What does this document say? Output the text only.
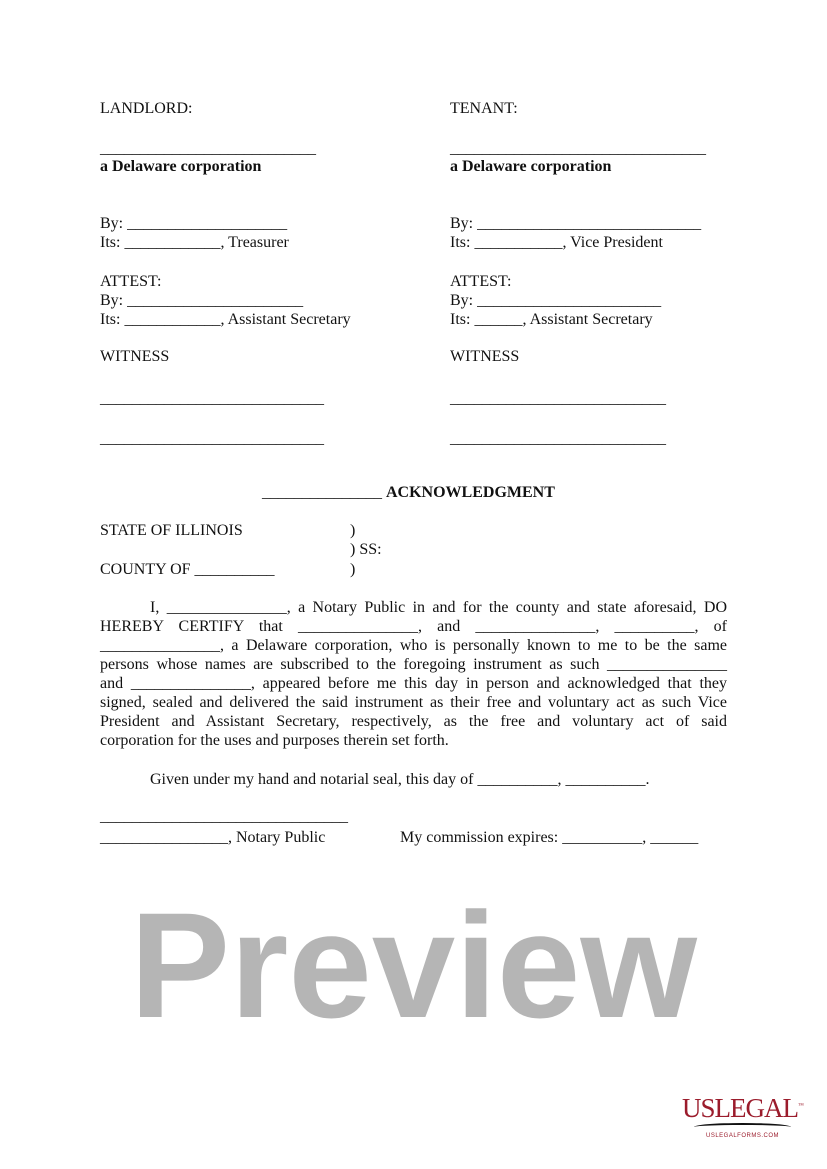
LANDLORD:
___________________________
a Delaware corporation
By: ____________________
Its: ____________, Treasurer
ATTEST:
By: ______________________
Its: ____________, Assistant Secretary
WITNESS
____________________________
____________________________
TENANT:
________________________________
a Delaware corporation
By: ____________________________
Its: ___________, Vice President
ATTEST:
By: _______________________
Its: ______, Assistant Secretary
WITNESS
___________________________
___________________________
_______________ ACKNOWLEDGMENT
STATE OF ILLINOIS	)
) SS:
COUNTY OF __________	)
I, _______________, a Notary Public in and for the county and state aforesaid, DO
HEREBY CERTIFY that _______________, and _______________, __________, of
_______________, a Delaware corporation, who is personally known to me to be the same
persons whose names are subscribed to the foregoing instrument as such _______________
and _______________, appeared before me this day in person and acknowledged that they
signed, sealed and delivered the said instrument as their free and voluntary act as such Vice
President and Assistant Secretary, respectively, as the free and voluntary act of said
corporation for the uses and purposes therein set forth.
Given under my hand and notarial seal, this day of __________, __________.
_______________________________
________________, Notary Public	My commission expires: __________, ______
Preview
USLEGAL™
USLEGALFORMS.COM
